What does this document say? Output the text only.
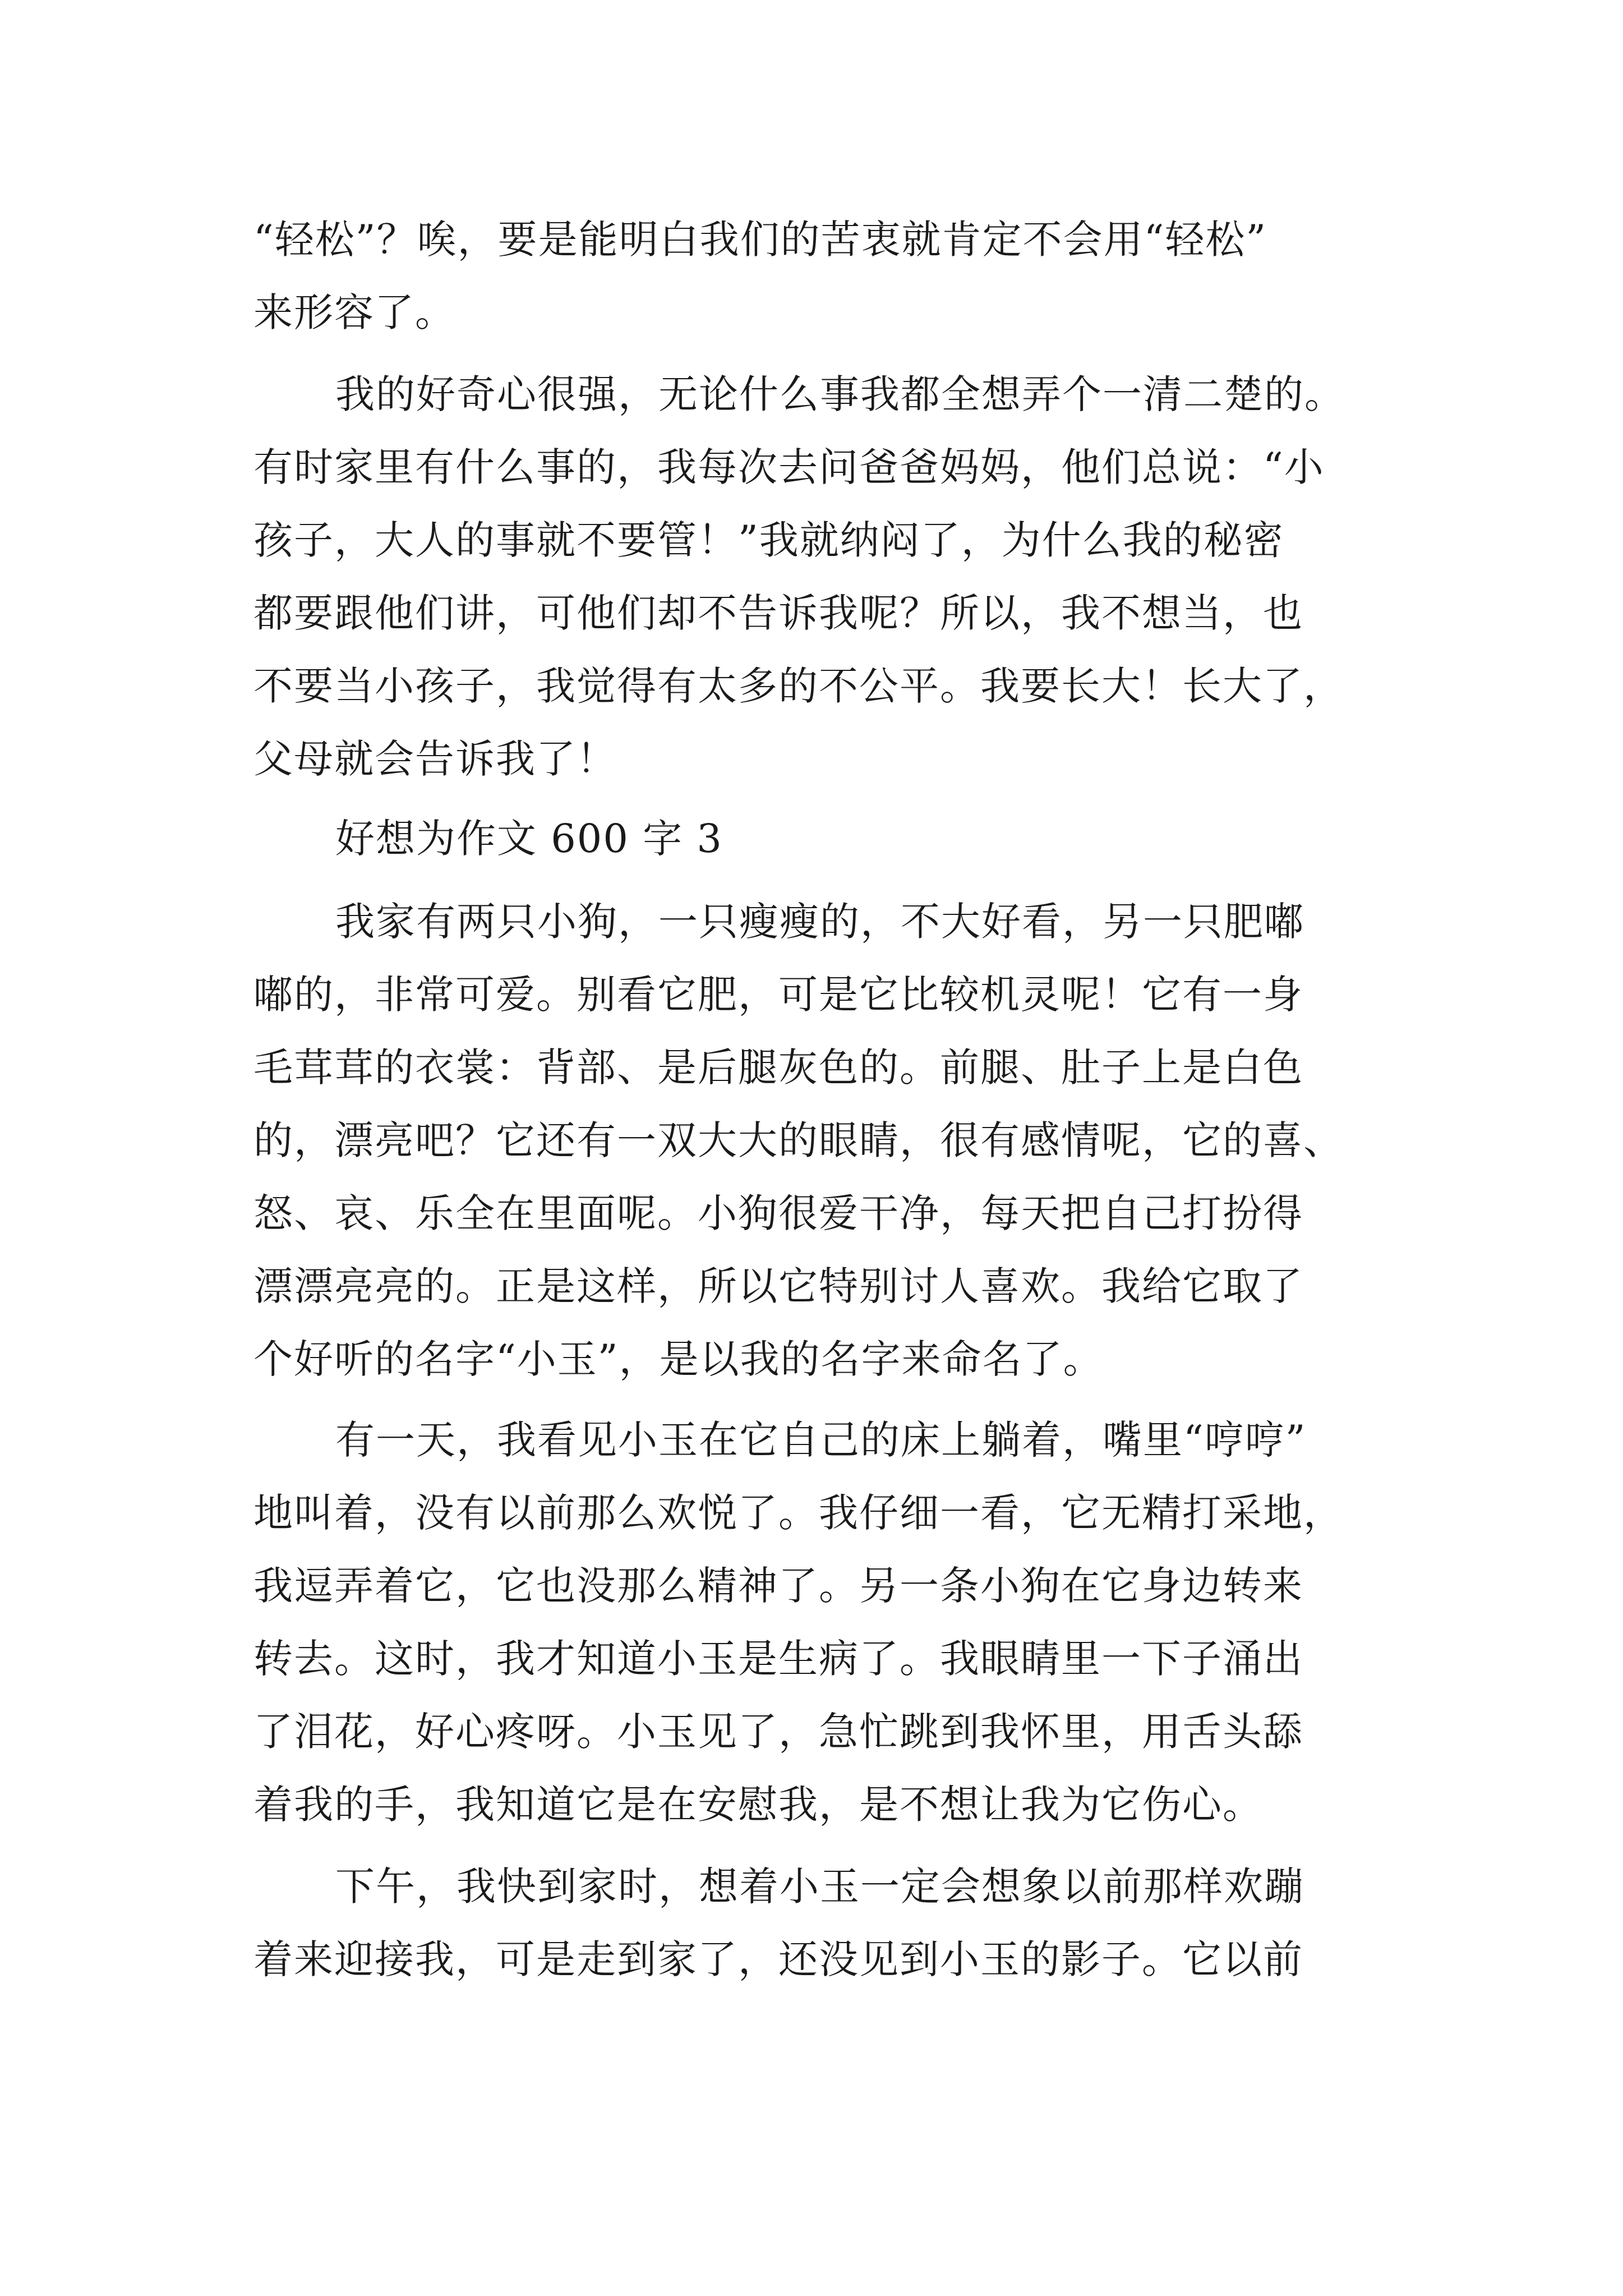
“轻松”？唉，要是能明白我们的苦衷就肯定不会用“轻松”
来形容了。
我的好奇心很强，无论什么事我都全想弄个一清二楚的。
有时家里有什么事的，我每次去问爸爸妈妈，他们总说：“小
孩子，大人的事就不要管！”我就纳闷了，为什么我的秘密
都要跟他们讲，可他们却不告诉我呢？所以，我不想当，也
不要当小孩子，我觉得有太多的不公平。我要长大！长大了，
父母就会告诉我了！
好想为作文 600 字 3
我家有两只小狗，一只瘦瘦的，不大好看，另一只肥嘟
嘟的，非常可爱。别看它肥，可是它比较机灵呢！它有一身
毛茸茸的衣裳：背部、是后腿灰色的。前腿、肚子上是白色
的，漂亮吧？它还有一双大大的眼睛，很有感情呢，它的喜、
怒、哀、乐全在里面呢。小狗很爱干净，每天把自己打扮得
漂漂亮亮的。正是这样，所以它特别讨人喜欢。我给它取了
个好听的名字“小玉”，是以我的名字来命名了。
有一天，我看见小玉在它自己的床上躺着，嘴里“哼哼”
地叫着，没有以前那么欢悦了。我仔细一看，它无精打采地，
我逗弄着它，它也没那么精神了。另一条小狗在它身边转来
转去。这时，我才知道小玉是生病了。我眼睛里一下子涌出
了泪花，好心疼呀。小玉见了，急忙跳到我怀里，用舌头舔
着我的手，我知道它是在安慰我，是不想让我为它伤心。
下午，我快到家时，想着小玉一定会想象以前那样欢蹦
着来迎接我，可是走到家了，还没见到小玉的影子。它以前
